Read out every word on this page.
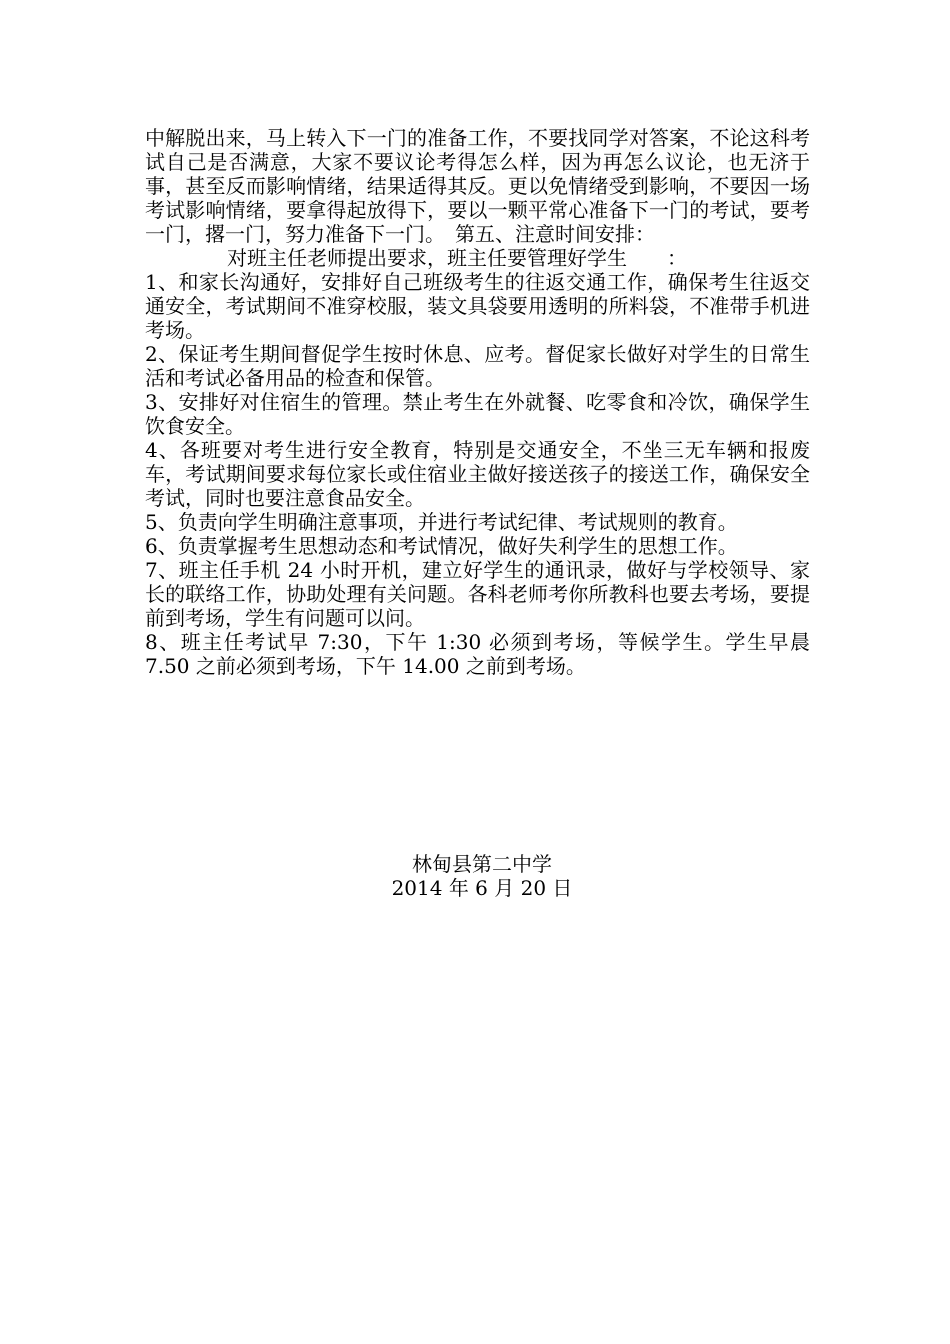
中解脱出来，马上转入下一门的准备工作，不要找同学对答案，不论这科考试自己是否满意，大家不要议论考得怎么样，因为再怎么议论，也无济于事，甚至反而影响情绪，结果适得其反。更以免情绪受到影响，不要因一场考试影响情绪，要拿得起放得下，要以一颗平常心准备下一门的考试，要考一门，撂一门，努力准备下一门。　第五、注意时间安排：

对班主任老师提出要求，班主任要管理好学生　　：

1、和家长沟通好，安排好自己班级考生的往返交通工作，确保考生往返交通安全，考试期间不准穿校服，装文具袋要用透明的所料袋，不准带手机进考场。

2、保证考生期间督促学生按时休息、应考。督促家长做好对学生的日常生活和考试必备用品的检查和保管。

3、安排好对住宿生的管理。禁止考生在外就餐、吃零食和冷饮，确保学生饮食安全。

4、各班要对考生进行安全教育，特别是交通安全，不坐三无车辆和报废车，考试期间要求每位家长或住宿业主做好接送孩子的接送工作，确保安全考试，同时也要注意食品安全。

5、负责向学生明确注意事项，并进行考试纪律、考试规则的教育。

6、负责掌握考生思想动态和考试情况，做好失利学生的思想工作。

7、班主任手机 24 小时开机，建立好学生的通讯录，做好与学校领导、家长的联络工作，协助处理有关问题。各科老师考你所教科也要去考场，要提前到考场，学生有问题可以问。

8、班主任考试早 7:30，下午 1:30 必须到考场，等候学生。学生早晨 7.50 之前必须到考场，下午 14.00 之前到考场。

林甸县第二中学
2014 年 6 月 20 日
